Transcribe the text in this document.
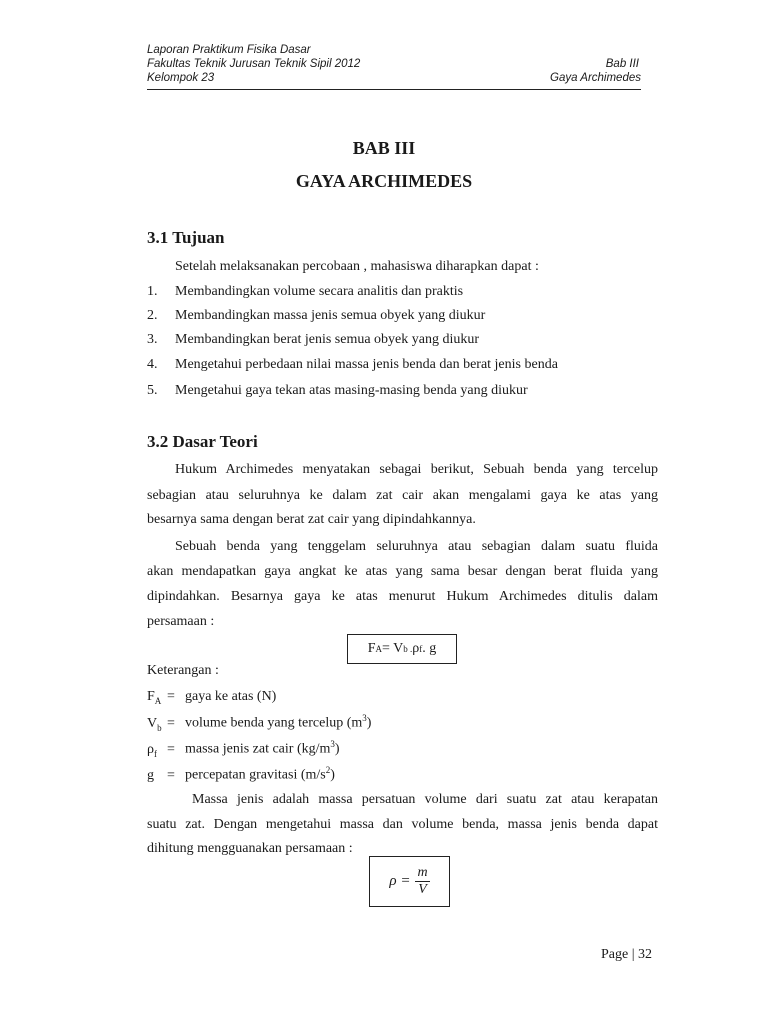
Laporan Praktikum Fisika Dasar
Fakultas Teknik Jurusan Teknik Sipil 2012	Bab III
Kelompok 23	Gaya Archimedes
BAB III
GAYA ARCHIMEDES
3.1 Tujuan
Setelah melaksanakan percobaan , mahasiswa diharapkan dapat :
1. Membandingkan volume secara analitis dan praktis
2. Membandingkan massa jenis semua obyek yang diukur
3. Membandingkan berat jenis semua obyek yang diukur
4. Mengetahui perbedaan nilai massa jenis benda dan berat jenis benda
5. Mengetahui gaya tekan atas masing-masing benda yang diukur
3.2 Dasar Teori
Hukum Archimedes menyatakan sebagai berikut, Sebuah benda yang tercelup
sebagian atau seluruhnya ke dalam zat cair akan mengalami gaya ke atas yang
besarnya sama dengan berat zat cair yang dipindahkannya.
Sebuah benda yang tenggelam seluruhnya atau sebagian dalam suatu fluida
akan mendapatkan gaya angkat ke atas yang sama besar dengan berat fluida yang
dipindahkan. Besarnya gaya ke atas menurut Hukum Archimedes ditulis dalam
persamaan :
F A = V b . ρ f . g
Keterangan :
$F_A$ = gaya ke atas (N)
$V_b$ = volume benda yang tercelup $(m^3)$
$\rho_f$ = massa jenis zat cair $(kg/m^3)$
g = percepatan gravitasi $(m/s^2)$
Massa jenis adalah massa persatuan volume dari suatu zat atau kerapatan
suatu zat. Dengan mengetahui massa dan volume benda, massa jenis benda dapat
dihitung mengguanakan persamaan :
$\rho = \frac{m}{V}$
Page | 32
